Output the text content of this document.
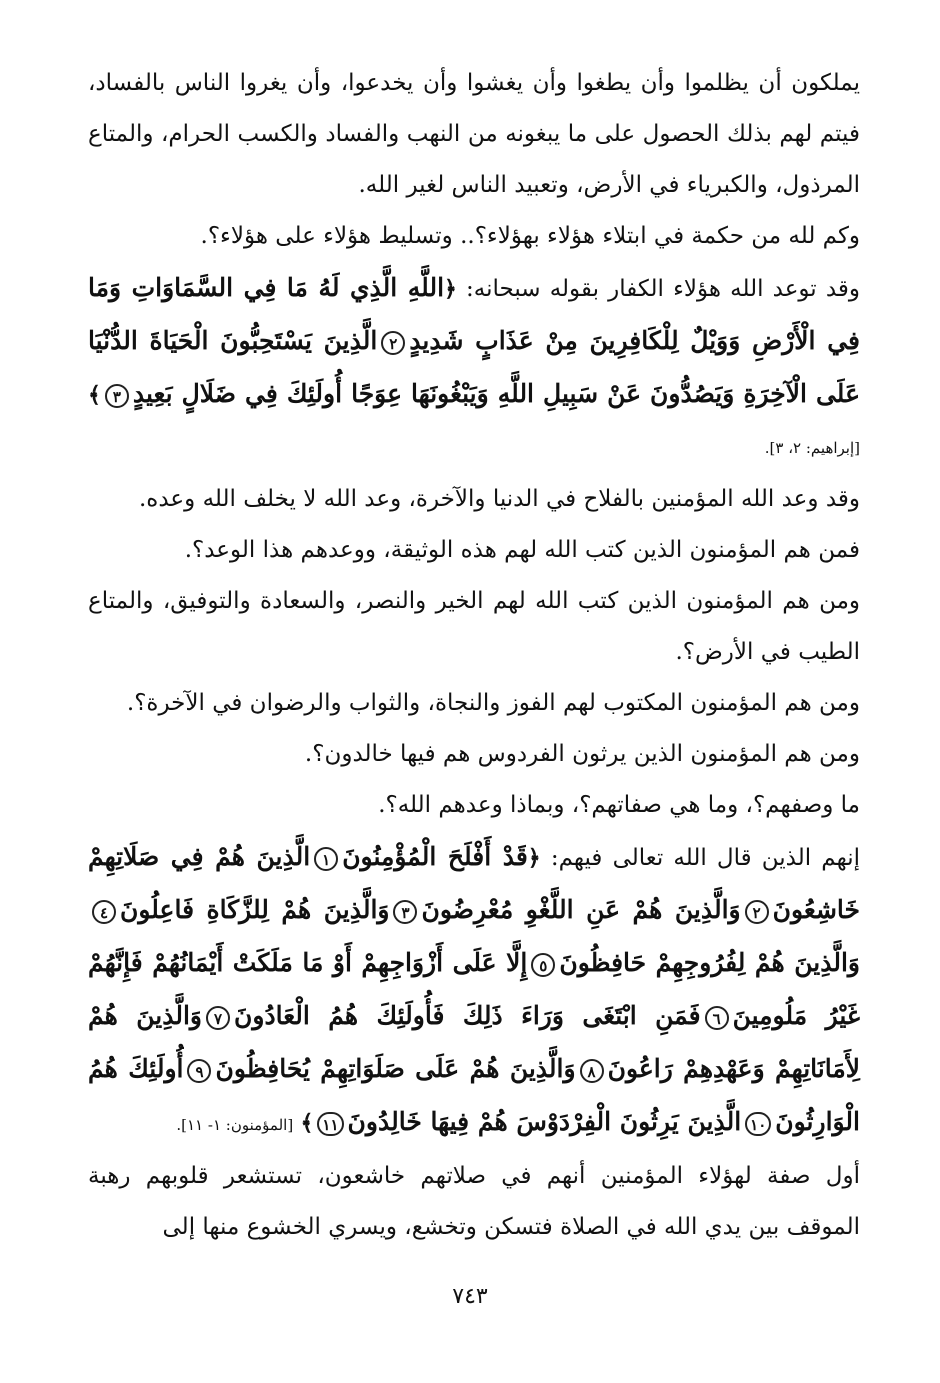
يملكون أن يظلموا وأن يطغوا وأن يغشوا وأن يخدعوا، وأن يغروا الناس بالفساد، فيتم لهم بذلك الحصول على ما يبغونه من النهب والفساد والكسب الحرام، والمتاع المرذول، والكبرياء في الأرض، وتعبيد الناس لغير الله.

وكم لله من حكمة في ابتلاء هؤلاء بهؤلاء؟.. وتسليط هؤلاء على هؤلاء؟.

وقد توعد الله هؤلاء الكفار بقوله سبحانه: ﴿اللَّهِ الَّذِي لَهُ مَا فِي السَّمَاوَاتِ وَمَا فِي الْأَرْضِ وَوَيْلٌ لِلْكَافِرِينَ مِنْ عَذَابٍ شَدِيدٍ٢الَّذِينَ يَسْتَحِبُّونَ الْحَيَاةَ الدُّنْيَا عَلَى الْآخِرَةِ وَيَصُدُّونَ عَنْ سَبِيلِ اللَّهِ وَيَبْغُونَهَا عِوَجًا أُولَئِكَ فِي ضَلَالٍ بَعِيدٍ٣﴾ [إبراهيم: ٢، ٣].

وقد وعد الله المؤمنين بالفلاح في الدنيا والآخرة، وعد الله لا يخلف الله وعده.

فمن هم المؤمنون الذين كتب الله لهم هذه الوثيقة، ووعدهم هذا الوعد؟.

ومن هم المؤمنون الذين كتب الله لهم الخير والنصر، والسعادة والتوفيق، والمتاع الطيب في الأرض؟.

ومن هم المؤمنون المكتوب لهم الفوز والنجاة، والثواب والرضوان في الآخرة؟.

ومن هم المؤمنون الذين يرثون الفردوس هم فيها خالدون؟.

ما وصفهم؟، وما هي صفاتهم؟، وبماذا وعدهم الله؟.

إنهم الذين قال الله تعالى فيهم: ﴿قَدْ أَفْلَحَ الْمُؤْمِنُونَ١الَّذِينَ هُمْ فِي صَلَاتِهِمْ خَاشِعُونَ٢وَالَّذِينَ هُمْ عَنِ اللَّغْوِ مُعْرِضُونَ٣وَالَّذِينَ هُمْ لِلزَّكَاةِ فَاعِلُونَ٤وَالَّذِينَ هُمْ لِفُرُوجِهِمْ حَافِظُونَ٥إِلَّا عَلَى أَزْوَاجِهِمْ أَوْ مَا مَلَكَتْ أَيْمَانُهُمْ فَإِنَّهُمْ غَيْرُ مَلُومِينَ٦فَمَنِ ابْتَغَى وَرَاءَ ذَلِكَ فَأُولَئِكَ هُمُ الْعَادُونَ٧وَالَّذِينَ هُمْ لِأَمَانَاتِهِمْ وَعَهْدِهِمْ رَاعُونَ٨وَالَّذِينَ هُمْ عَلَى صَلَوَاتِهِمْ يُحَافِظُونَ٩أُولَئِكَ هُمُ الْوَارِثُونَ١٠الَّذِينَ يَرِثُونَ الْفِرْدَوْسَ هُمْ فِيهَا خَالِدُونَ١١﴾ [المؤمنون: ١- ١١].

أول صفة لهؤلاء المؤمنين أنهم في صلاتهم خاشعون، تستشعر قلوبهم رهبة الموقف بين يدي الله في الصلاة فتسكن وتخشع، ويسري الخشوع منها إلى

٧٤٣
